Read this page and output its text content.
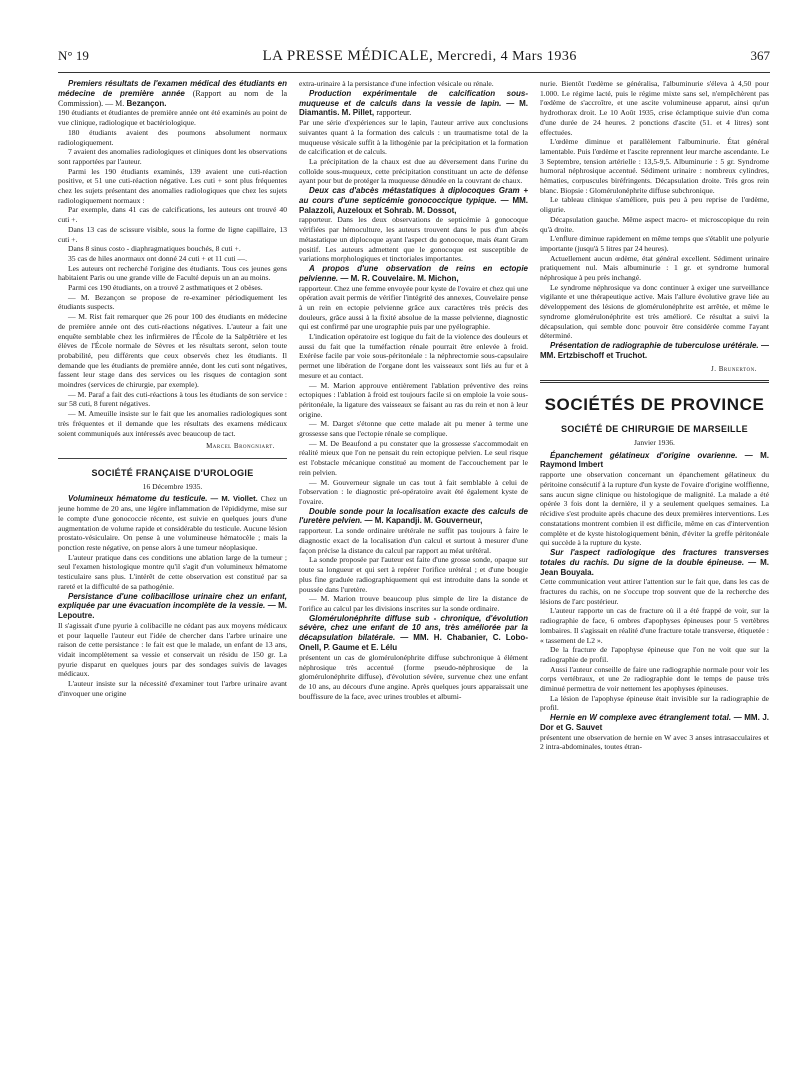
N° 19	LA PRESSE MÉDICALE, Mercredi, 4 Mars 1936	367

Premiers résultats de l'examen médical des étudiants en médecine de première année (Rapport au nom de la Commission). — M. Bezançon.

190 étudiants et étudiantes de première année ont été examinés au point de vue clinique, radiologique et bactériologique.

180 étudiants avaient des poumons absolument normaux radiologiquement.

7 avaient des anomalies radiologiques et cliniques dont les observations sont rapportées par l'auteur.

Parmi les 190 étudiants examinés, 139 avaient une cuti-réaction positive, et 51 une cuti-réaction négative. Les cuti + sont plus fréquentes chez les sujets présentant des anomalies radiologiques que chez les sujets radiologiquement normaux :

Par exemple, dans 41 cas de calcifications, les auteurs ont trouvé 40 cuti +.

Dans 13 cas de scissure visible, sous la forme de ligne capillaire, 13 cuti +.

Dans 8 sinus costo - diaphragmatiques bouchés, 8 cuti +.

35 cas de hiles anormaux ont donné 24 cuti + et 11 cuti —.

Les auteurs ont recherché l'origine des étudiants. Tous ces jeunes gens habitaient Paris ou une grande ville de Faculté depuis un an au moins.

Parmi ces 190 étudiants, on a trouvé 2 asthmatiques et 2 obèses.

— M. Bezançon se propose de re-examiner périodiquement les étudiants suspects.

— M. Rist fait remarquer que 26 pour 100 des étudiants en médecine de première année ont des cuti-réactions négatives. L'auteur a fait une enquête semblable chez les infirmières de l'École de la Salpêtrière et les élèves de l'École normale de Sèvres et les résultats seront, selon toute probabilité, peu différents que ceux observés chez les étudiants. Il demande que les étudiants de première année, dont les cuti sont négatives, fassent leur stage dans des services ou les risques de contagion sont moindres (services de chirurgie, par exemple).

— M. Paraf a fait des cuti-réactions à tous les étudiants de son service : sur 58 cuti, 8 furent négatives.

— M. Ameuille insiste sur le fait que les anomalies radiologiques sont très fréquentes et il demande que les résultats des examens médicaux soient communiqués aux intéressés avec beaucoup de tact.

Marcel Brongniart.
SOCIÉTÉ FRANÇAISE D'UROLOGIE
16 Décembre 1935.

Volumineux hématome du testicule. — M. Viollet. Chez un jeune homme de 20 ans, une légère inflammation de l'épididyme, mise sur le compte d'une gonococcie récente, est suivie en quelques jours d'une augmentation de volume rapide et considérable du testicule. Aucune lésion prostato-vésiculaire. On pense à une volumineuse hématocèle ; mais la ponction reste négative, on pense alors à une tumeur néoplasique.

L'auteur pratique dans ces conditions une ablation large de la tumeur ; seul l'examen histologique montre qu'il s'agit d'un volumineux hématome testiculaire sans plus. L'intérêt de cette observation est constitué par sa rareté et la difficulté de sa pathogénie.

Persistance d'une colibacillose urinaire chez un enfant, expliquée par une évacuation incomplète de la vessie. — M. Lepoutre.

Il s'agissait d'une pyurie à colibacille ne cédant pas aux moyens médicaux et pour laquelle l'auteur eut l'idée de chercher dans l'arbre urinaire une raison de cette persistance : le fait est que le malade, un enfant de 13 ans, vidait incomplètement sa vessie et conservait un résidu de 150 gr. La pyurie disparut en quelques jours par des sondages suivis de lavages médicaux.

L'auteur insiste sur la nécessité d'examiner tout l'arbre urinaire avant d'invoquer une origine

extra-urinaire à la persistance d'une infection vésicale ou rénale.

Production expérimentale de calcification sous-muqueuse et de calculs dans la vessie de lapin. — M. Diamantis. M. Pillet, rapporteur.

Par une série d'expériences sur le lapin, l'auteur arrive aux conclusions suivantes quant à la formation des calculs : un traumatisme total de la muqueuse vésicale suffit à la lithogénie par la précipitation et la formation de calcification et de calculs.

La précipitation de la chaux est due au déversement dans l'urine du colloïde sous-muqueux, cette précipitation constituant un acte de défense ayant pour but de protéger la muqueuse dénudée en la couvrant de chaux.

Deux cas d'abcès métastatiques à diplocoques Gram + au cours d'une septicémie gonococcique typique. — MM. Palazzoli, Auzeloux et Sohrab. M. Dossot,

rapporteur. Dans les deux observations de septicémie à gonocoque vérifiées par hémoculture, les auteurs trouvent dans le pus d'un abcès métastatique un diplocoque ayant l'aspect du gonocoque, mais étant Gram positif. Les auteurs admettent que le gonocoque est susceptible de variations morphologiques et tinctoriales importantes.

A propos d'une observation de reins en ectopie pelvienne. — M. R. Couvelaire. M. Michon,

rapporteur. Chez une femme envoyée pour kyste de l'ovaire et chez qui une opération avait permis de vérifier l'intégrité des annexes, Couvelaire pense à un rein en ectopie pelvienne grâce aux caractères très précis des douleurs, grâce aussi à la fixité absolue de la masse pelvienne, diagnostic qui est confirmé par une urographie puis par une pyélographie.

L'indication opératoire est logique du fait de la violence des douleurs et aussi du fait que la tuméfaction rénale pourrait être enlevée à froid. Exérèse facile par voie sous-péritonéale : la néphrectomie sous-capsulaire permet une libération de l'organe dont les vaisseaux sont liés au fur et à mesure et au contact.

— M. Marion approuve entièrement l'ablation préventive des reins ectopiques : l'ablation à froid est toujours facile si on emploie la voie sous-péritonéale, la ligature des vaisseaux se faisant au ras du rein et non à leur origine.

— M. Darget s'étonne que cette malade ait pu mener à terme une grossesse sans que l'ectopie rénale se complique.

— M. De Beaufond a pu constater que la grossesse s'accommodait en réalité mieux que l'on ne pensait du rein ectopique pelvien. Le seul risque est l'obstacle mécanique constitué au moment de l'accouchement par le rein pelvien.

— M. Gouverneur signale un cas tout à fait semblable à celui de l'observation : le diagnostic pré-opératoire avait été également kyste de l'ovaire.

Double sonde pour la localisation exacte des calculs de l'uretère pelvien. — M. Kapandji. M. Gouverneur,

rapporteur. La sonde ordinaire urétérale ne suffit pas toujours à faire le diagnostic exact de la localisation d'un calcul et surtout à mesurer d'une façon précise la distance du calcul par rapport au méat urétéral.

La sonde proposée par l'auteur est faite d'une grosse sonde, opaque sur toute sa longueur et qui sert à repérer l'orifice urétéral ; et d'une bougie plus fine graduée radiographiquement qui est introduite dans la sonde et poussée dans l'uretère.

— M. Marion trouve beaucoup plus simple de lire la distance de l'orifice au calcul par les divisions inscrites sur la sonde ordinaire.

Glomérulonéphrite diffuse sub - chronique, d'évolution sévère, chez une enfant de 10 ans, très améliorée par la décapsulation bilatérale. — MM. H. Chabanier, C. Lobo-Onell, P. Gaume et E. Lélu

présentent un cas de glomérulonéphrite diffuse subchronique à élément néphrosique très accentué (forme pseudo-néphrosique de la glomérulonéphrite diffuse), d'évolution sévère, survenue chez une enfant de 10 ans, au décours d'une angine. Après quelques jours apparaissait une bouffissure de la face, avec urines troubles et albumi-

nurie. Bientôt l'œdème se généralisa, l'albuminurie s'éleva à 4,50 pour 1.000. Le régime lacté, puis le régime mixte sans sel, n'empêchèrent pas l'œdème de s'accroître, et une ascite volumineuse apparut, ainsi qu'un hydrothorax droit. Le 10 Août 1935, crise éclamptique suivie d'un coma d'une durée de 24 heures. 2 ponctions d'ascite (51. et 4 litres) sont effectuées.

L'œdème diminue et parallèlement l'albuminurie. État général lamentable. Puis l'œdème et l'ascite reprennent leur marche ascendante. Le 3 Septembre, tension artérielle : 13,5-9,5. Albuminurie : 5 gr. Syndrome humoral néphrosique accentué. Sédiment urinaire : nombreux cylindres, hématies, corpuscules biréfringents. Décapsulation droite. Très gros rein blanc. Biopsie : Glomérulonéphrite diffuse subchronique.

Le tableau clinique s'améliore, puis peu à peu reprise de l'œdème, oligurie.

Décapsulation gauche. Même aspect macro- et microscopique du rein qu'à droite.

L'enflure diminue rapidement en même temps que s'établit une polyurie importante (jusqu'à 5 litres par 24 heures).

Actuellement aucun œdème, état général excellent. Sédiment urinaire pratiquement nul. Mais albuminurie : 1 gr. et syndrome humoral néphrosique à peu près inchangé.

Le syndrome néphrosique va donc continuer à exiger une surveillance vigilante et une thérapeutique active. Mais l'allure évolutive grave liée au développement des lésions de glomérulonéphrite est arrêtée, et même le syndrome glomérulonéphrite est très amélioré. Ce résultat a suivi la décapsulation, qui semble donc pouvoir être considérée comme l'ayant déterminé.

Présentation de radiographie de tuberculose urétérale. — MM. Ertzbischoff et Truchot.

J. Brunerton.
SOCIÉTÉS DE PROVINCE
SOCIÉTÉ DE CHIRURGIE DE MARSEILLE
Janvier 1936.

Épanchement gélatineux d'origine ovarienne. — M. Raymond Imbert

rapporte une observation concernant un épanchement gélatineux du péritoine consécutif à la rupture d'un kyste de l'ovaire d'origine wolffienne, sans aucun signe clinique ou histologique de malignité. La malade a été opérée 3 fois dont la dernière, il y a seulement quelques semaines. La récidive s'est produite après chacune des deux premières interventions. Les constatations montrent combien il est difficile, même en cas d'intervention complète et de kyste histologiquement bénin, d'éviter la greffe péritonéale qui succède à la rupture du kyste.

Sur l'aspect radiologique des fractures transverses totales du rachis. Du signe de la double épineuse. — M. Jean Bouyala.

Cette communication veut attirer l'attention sur le fait que, dans les cas de fractures du rachis, on ne s'occupe trop souvent que de la recherche des lésions de l'arc postérieur.

L'auteur rapporte un cas de fracture où il a été frappé de voir, sur la radiographie de face, 6 ombres d'apophyses épineuses pour 5 vertèbres lombaires. Il s'agissait en réalité d'une fracture totale transverse, étiquetée : « tassement de L2 ».

De la fracture de l'apophyse épineuse que l'on ne voit que sur la radiographie de profil.

Aussi l'auteur conseille de faire une radiographie normale pour voir les corps vertébraux, et une 2e radiographie dont le temps de pause très diminué permettra de voir nettement les apophyses épineuses.

La lésion de l'apophyse épineuse était invisible sur la radiographie de profil.

Hernie en W complexe avec étranglement total. — MM. J. Dor et G. Sauvet

présentent une observation de hernie en W avec 3 anses intrasacculaires et 2 intra-abdominales, toutes étran-
